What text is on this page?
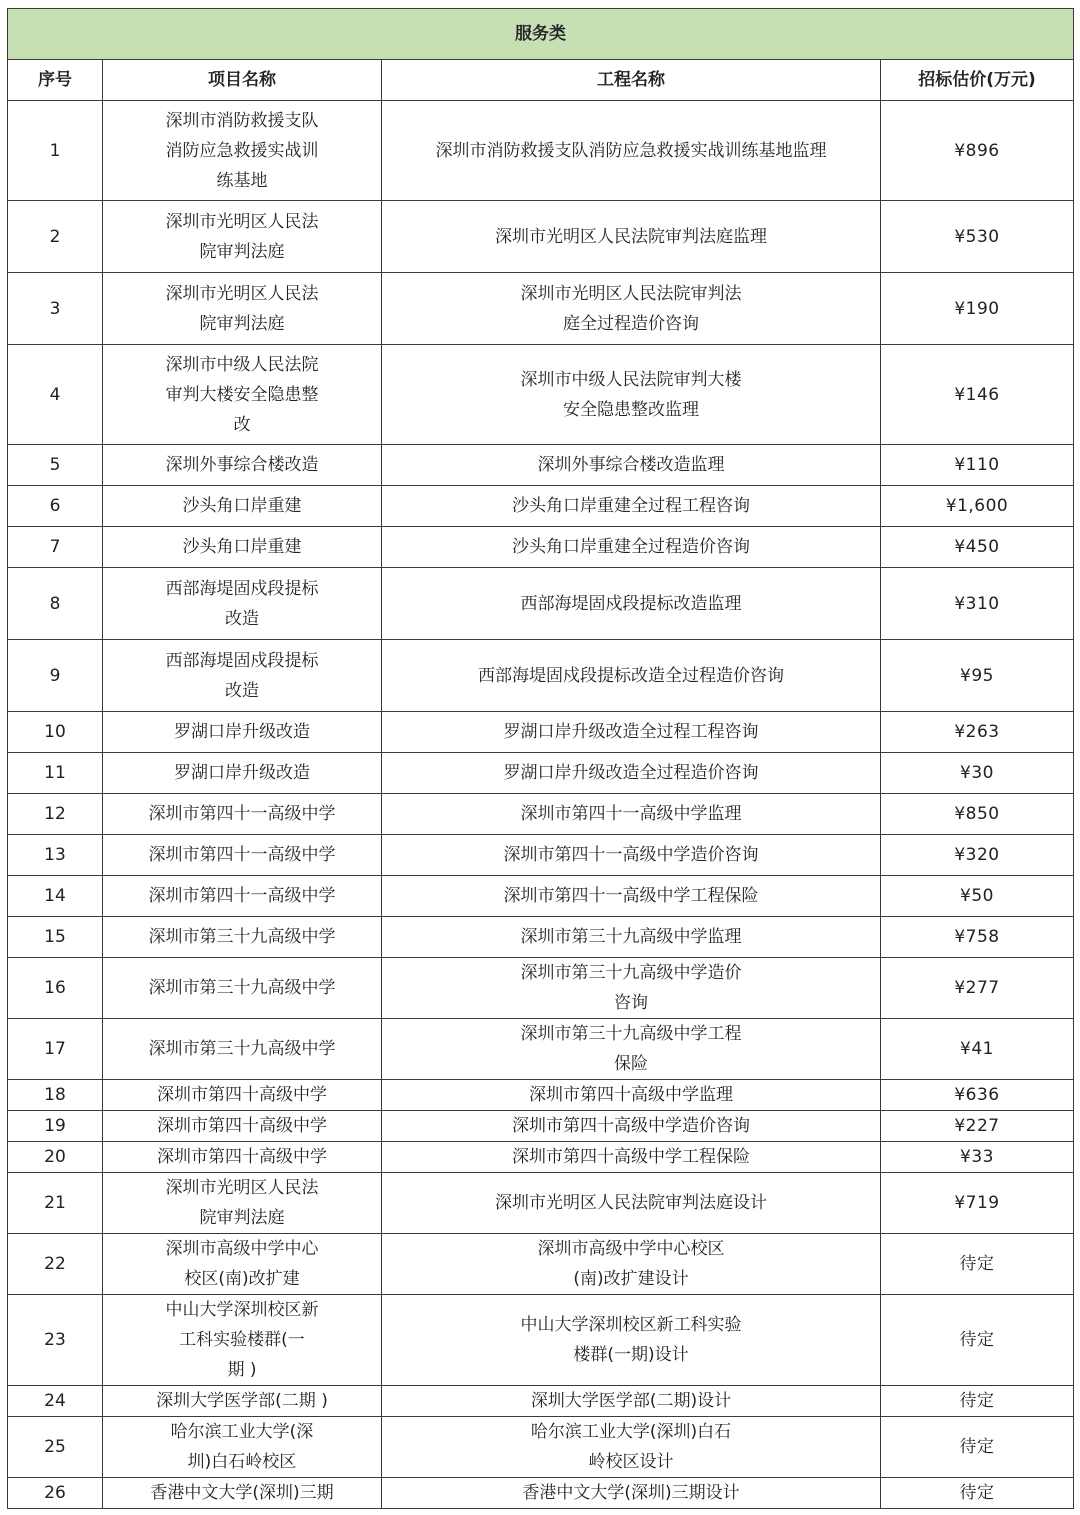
服务类			
序号	项目名称	工程名称	招标估价(万元)
1	深圳市消防救援支队
消防应急救援实战训
练基地	深圳市消防救援支队消防应急救援实战训练基地监理	¥896
2	深圳市光明区人民法
院审判法庭	深圳市光明区人民法院审判法庭监理	¥530
3	深圳市光明区人民法
院审判法庭	深圳市光明区人民法院审判法
庭全过程造价咨询	¥190
4	深圳市中级人民法院
审判大楼安全隐患整
改	深圳市中级人民法院审判大楼
安全隐患整改监理	¥146
5	深圳外事综合楼改造	深圳外事综合楼改造监理	¥110
6	沙头角口岸重建	沙头角口岸重建全过程工程咨询	¥1,600
7	沙头角口岸重建	沙头角口岸重建全过程造价咨询	¥450
8	西部海堤固戍段提标
改造	西部海堤固戍段提标改造监理	¥310
9	西部海堤固戍段提标
改造	西部海堤固戍段提标改造全过程造价咨询	¥95
10	罗湖口岸升级改造	罗湖口岸升级改造全过程工程咨询	¥263
11	罗湖口岸升级改造	罗湖口岸升级改造全过程造价咨询	¥30
12	深圳市第四十一高级中学	深圳市第四十一高级中学监理	¥850
13	深圳市第四十一高级中学	深圳市第四十一高级中学造价咨询	¥320
14	深圳市第四十一高级中学	深圳市第四十一高级中学工程保险	¥50
15	深圳市第三十九高级中学	深圳市第三十九高级中学监理	¥758
16	深圳市第三十九高级中学	深圳市第三十九高级中学造价
咨询	¥277
17	深圳市第三十九高级中学	深圳市第三十九高级中学工程
保险	¥41
18	深圳市第四十高级中学	深圳市第四十高级中学监理	¥636
19	深圳市第四十高级中学	深圳市第四十高级中学造价咨询	¥227
20	深圳市第四十高级中学	深圳市第四十高级中学工程保险	¥33
21	深圳市光明区人民法
院审判法庭	深圳市光明区人民法院审判法庭设计	¥719
22	深圳市高级中学中心
校区(南)改扩建	深圳市高级中学中心校区
(南)改扩建设计	待定
23	中山大学深圳校区新
工科实验楼群(一
期 )	中山大学深圳校区新工科实验
楼群(一期)设计	待定
24	深圳大学医学部(二期 )	深圳大学医学部(二期)设计	待定
25	哈尔滨工业大学(深
圳)白石岭校区	哈尔滨工业大学(深圳)白石
岭校区设计	待定
26	香港中文大学(深圳)三期	香港中文大学(深圳)三期设计	待定
